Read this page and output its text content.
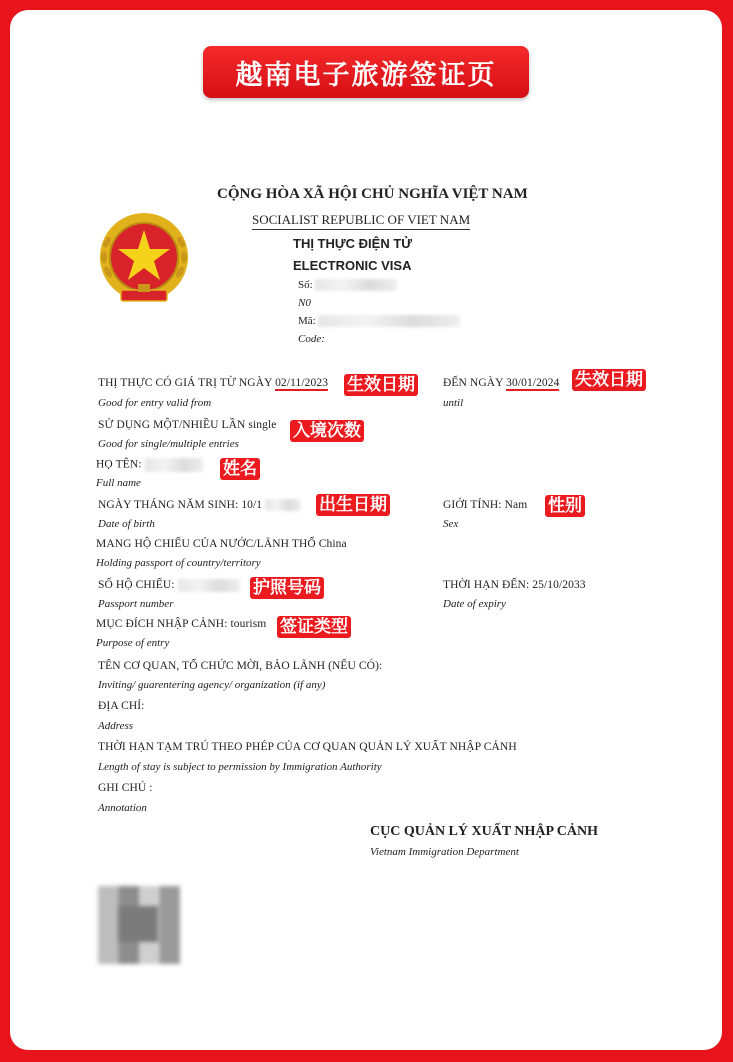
越南电子旅游签证页
CỘNG HÒA XÃ HỘI CHỦ NGHĨA VIỆT NAM
SOCIALIST REPUBLIC OF VIET NAM
THỊ THỰC ĐIỆN TỬ
ELECTRONIC VISA
Số:
N0
Mã:
Code:
THỊ THỰC CÓ GIÁ TRỊ TỪ NGÀY 02/11/2023 生效日期
Good for entry valid from
ĐẾN NGÀY 30/01/2024 失效日期
until
SỬ DỤNG MỘT/NHIỀU LẦN single 入境次数
Good for single/multiple entries
HỌ TÊN:	姓名
Full name
NGÀY THÁNG NĂM SINH: 10/1	出生日期
Date of birth
GIỚI TÍNH: Nam 性别
Sex
MANG HỘ CHIẾU CỦA NƯỚC/LÃNH THỔ China
Holding passport of country/territory
SỐ HỘ CHIẾU:	护照号码
Passport number
THỜI HẠN ĐẾN: 25/10/2033
Date of expiry
MỤC ĐÍCH NHẬP CẢNH: tourism 签证类型
Purpose of entry
TÊN CƠ QUAN, TỔ CHỨC MỜI, BẢO LÃNH (NẾU CÓ):
Inviting/ guarentering agency/ organization (if any)
ĐỊA CHỈ:
Address
THỜI HẠN TẠM TRÚ THEO PHÉP CỦA CƠ QUAN QUẢN LÝ XUẤT NHẬP CẢNH
Length of stay is subject to permission by Immigration Authority
GHI CHÚ :
Annotation
CỤC QUẢN LÝ XUẤT NHẬP CẢNH
Vietnam Immigration Department
